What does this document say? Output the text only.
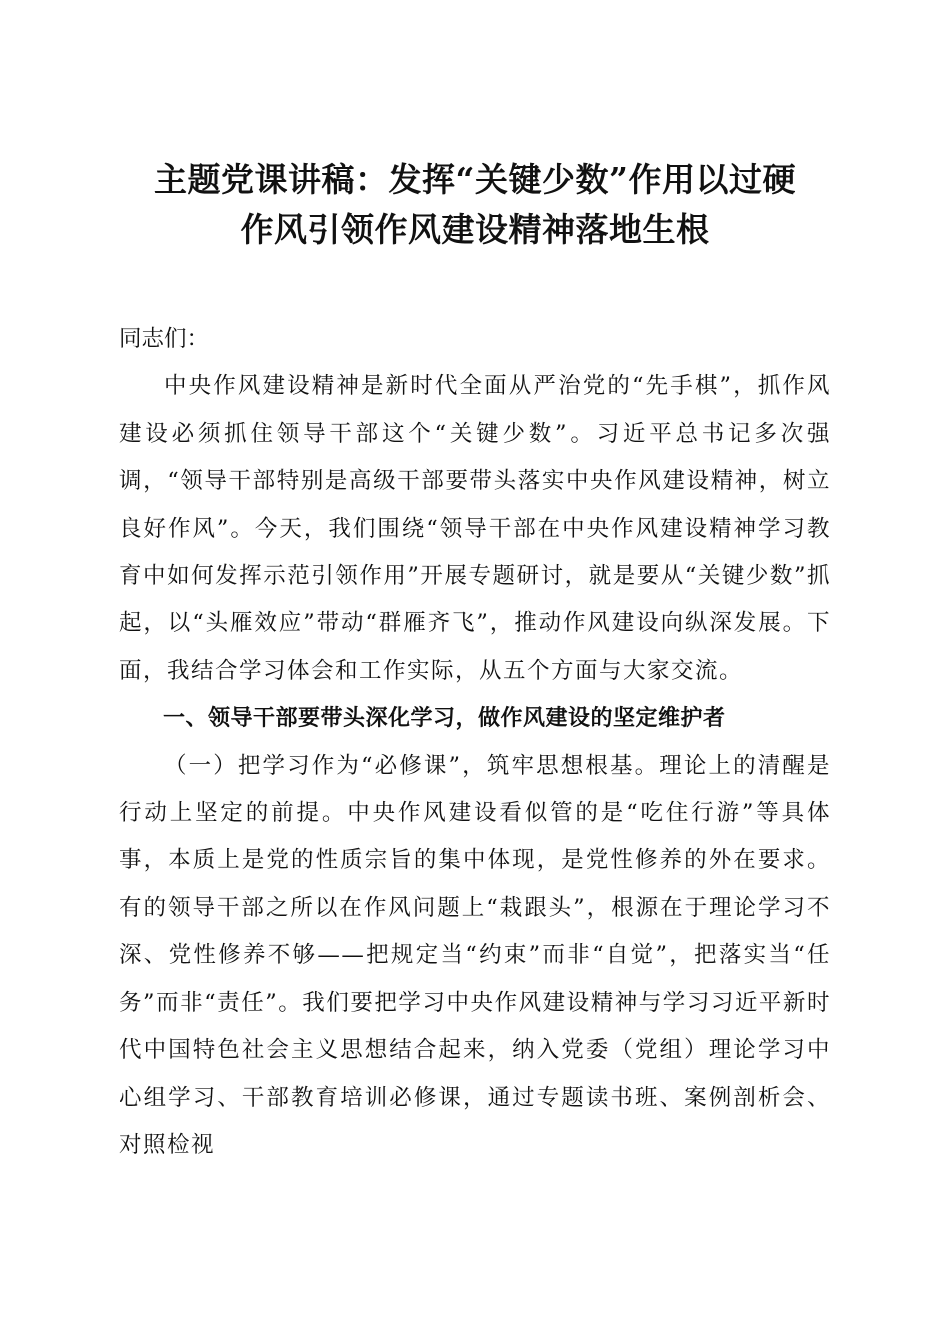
主题党课讲稿：发挥“关键少数”作用以过硬
作风引领作风建设精神落地生根

同志们：

中央作风建设精神是新时代全面从严治党的“先手棋”，抓作风建设必须抓住领导干部这个“关键少数”。习近平总书记多次强调，“领导干部特别是高级干部要带头落实中央作风建设精神，树立良好作风”。今天，我们围绕“领导干部在中央作风建设精神学习教育中如何发挥示范引领作用”开展专题研讨，就是要从“关键少数”抓起，以“头雁效应”带动“群雁齐飞”，推动作风建设向纵深发展。下面，我结合学习体会和工作实际，从五个方面与大家交流。

一、领导干部要带头深化学习，做作风建设的坚定维护者

（一）把学习作为“必修课”，筑牢思想根基。理论上的清醒是行动上坚定的前提。中央作风建设看似管的是“吃住行游”等具体事，本质上是党的性质宗旨的集中体现，是党性修养的外在要求。有的领导干部之所以在作风问题上“栽跟头”，根源在于理论学习不深、党性修养不够——把规定当“约束”而非“自觉”，把落实当“任务”而非“责任”。我们要把学习中央作风建设精神与学习习近平新时代中国特色社会主义思想结合起来，纳入党委（党组）理论学习中心组学习、干部教育培训必修课，通过专题读书班、案例剖析会、对照检视
